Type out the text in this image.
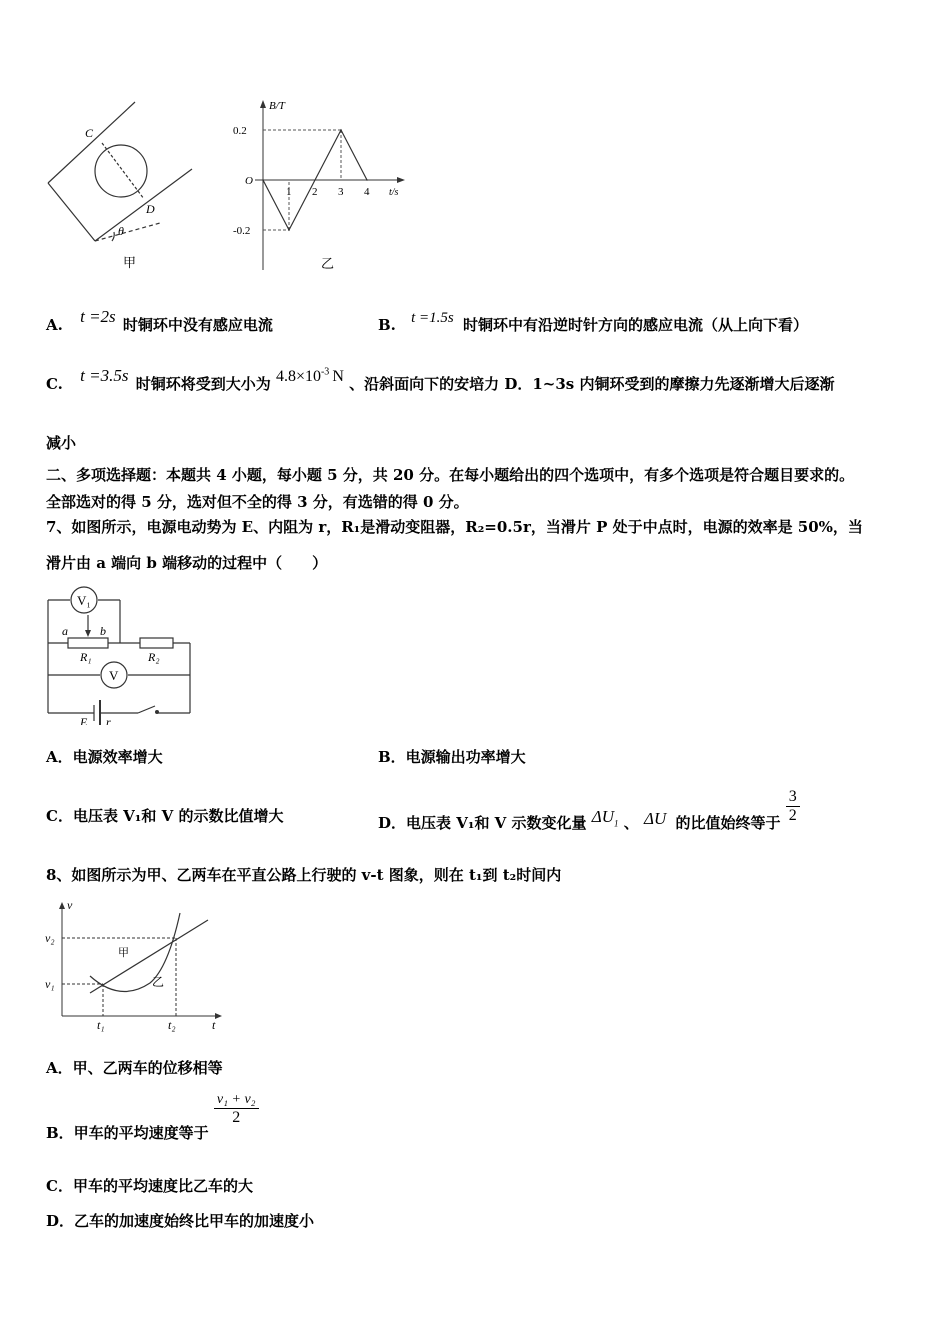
C
D
θ
甲
0.2
-0.2
1 2 3 4
B/T
t/s
O
乙
A. t =2s 时铜环中没有感应电流	B. t =1.5s 时铜环中有沿逆时针方向的感应电流（从上向下看）
C. t =3.5s 时铜环将受到大小为 $4.8\times 10^{-3}$ N 、沿斜面向下的安培力 D．1~3s 内铜环受到的摩擦力先逐渐增大后逐渐
减小
二、多项选择题：本题共 4 小题，每小题 5 分，共 20 分。在每小题给出的四个选项中，有多个选项是符合题目要求的。
全部选对的得 5 分，选对但不全的得 3 分，有选错的得 0 分。
7、如图所示，电源电动势为 E、内阻为 r，R₁是滑动变阻器，R₂=0.5r，当滑片 P 处于中点时，电源的效率是 50%，当
滑片由 a 端向 b 端移动的过程中（　　）
V₁
a	b
R₁	R₂
V
E r
A．电源效率增大	B．电源输出功率增大
C．电压表 V₁和 V 的示数比值增大	D．电压表 V₁和 V 示数变化量 $\Delta U_1$ 、 ΔU 的比值始终等于 $\frac{3}{2}$
8、如图所示为甲、乙两车在平直公路上行驶的 v-t 图象，则在 t₁到 t₂时间内
v
t
v₁
v₂
t₁	t₂
甲
乙
A．甲、乙两车的位移相等
B．甲车的平均速度等于
$\frac{\text{v₁ + v₂}}{2}$
C．甲车的平均速度比乙车的大
D．乙车的加速度始终比甲车的加速度小
